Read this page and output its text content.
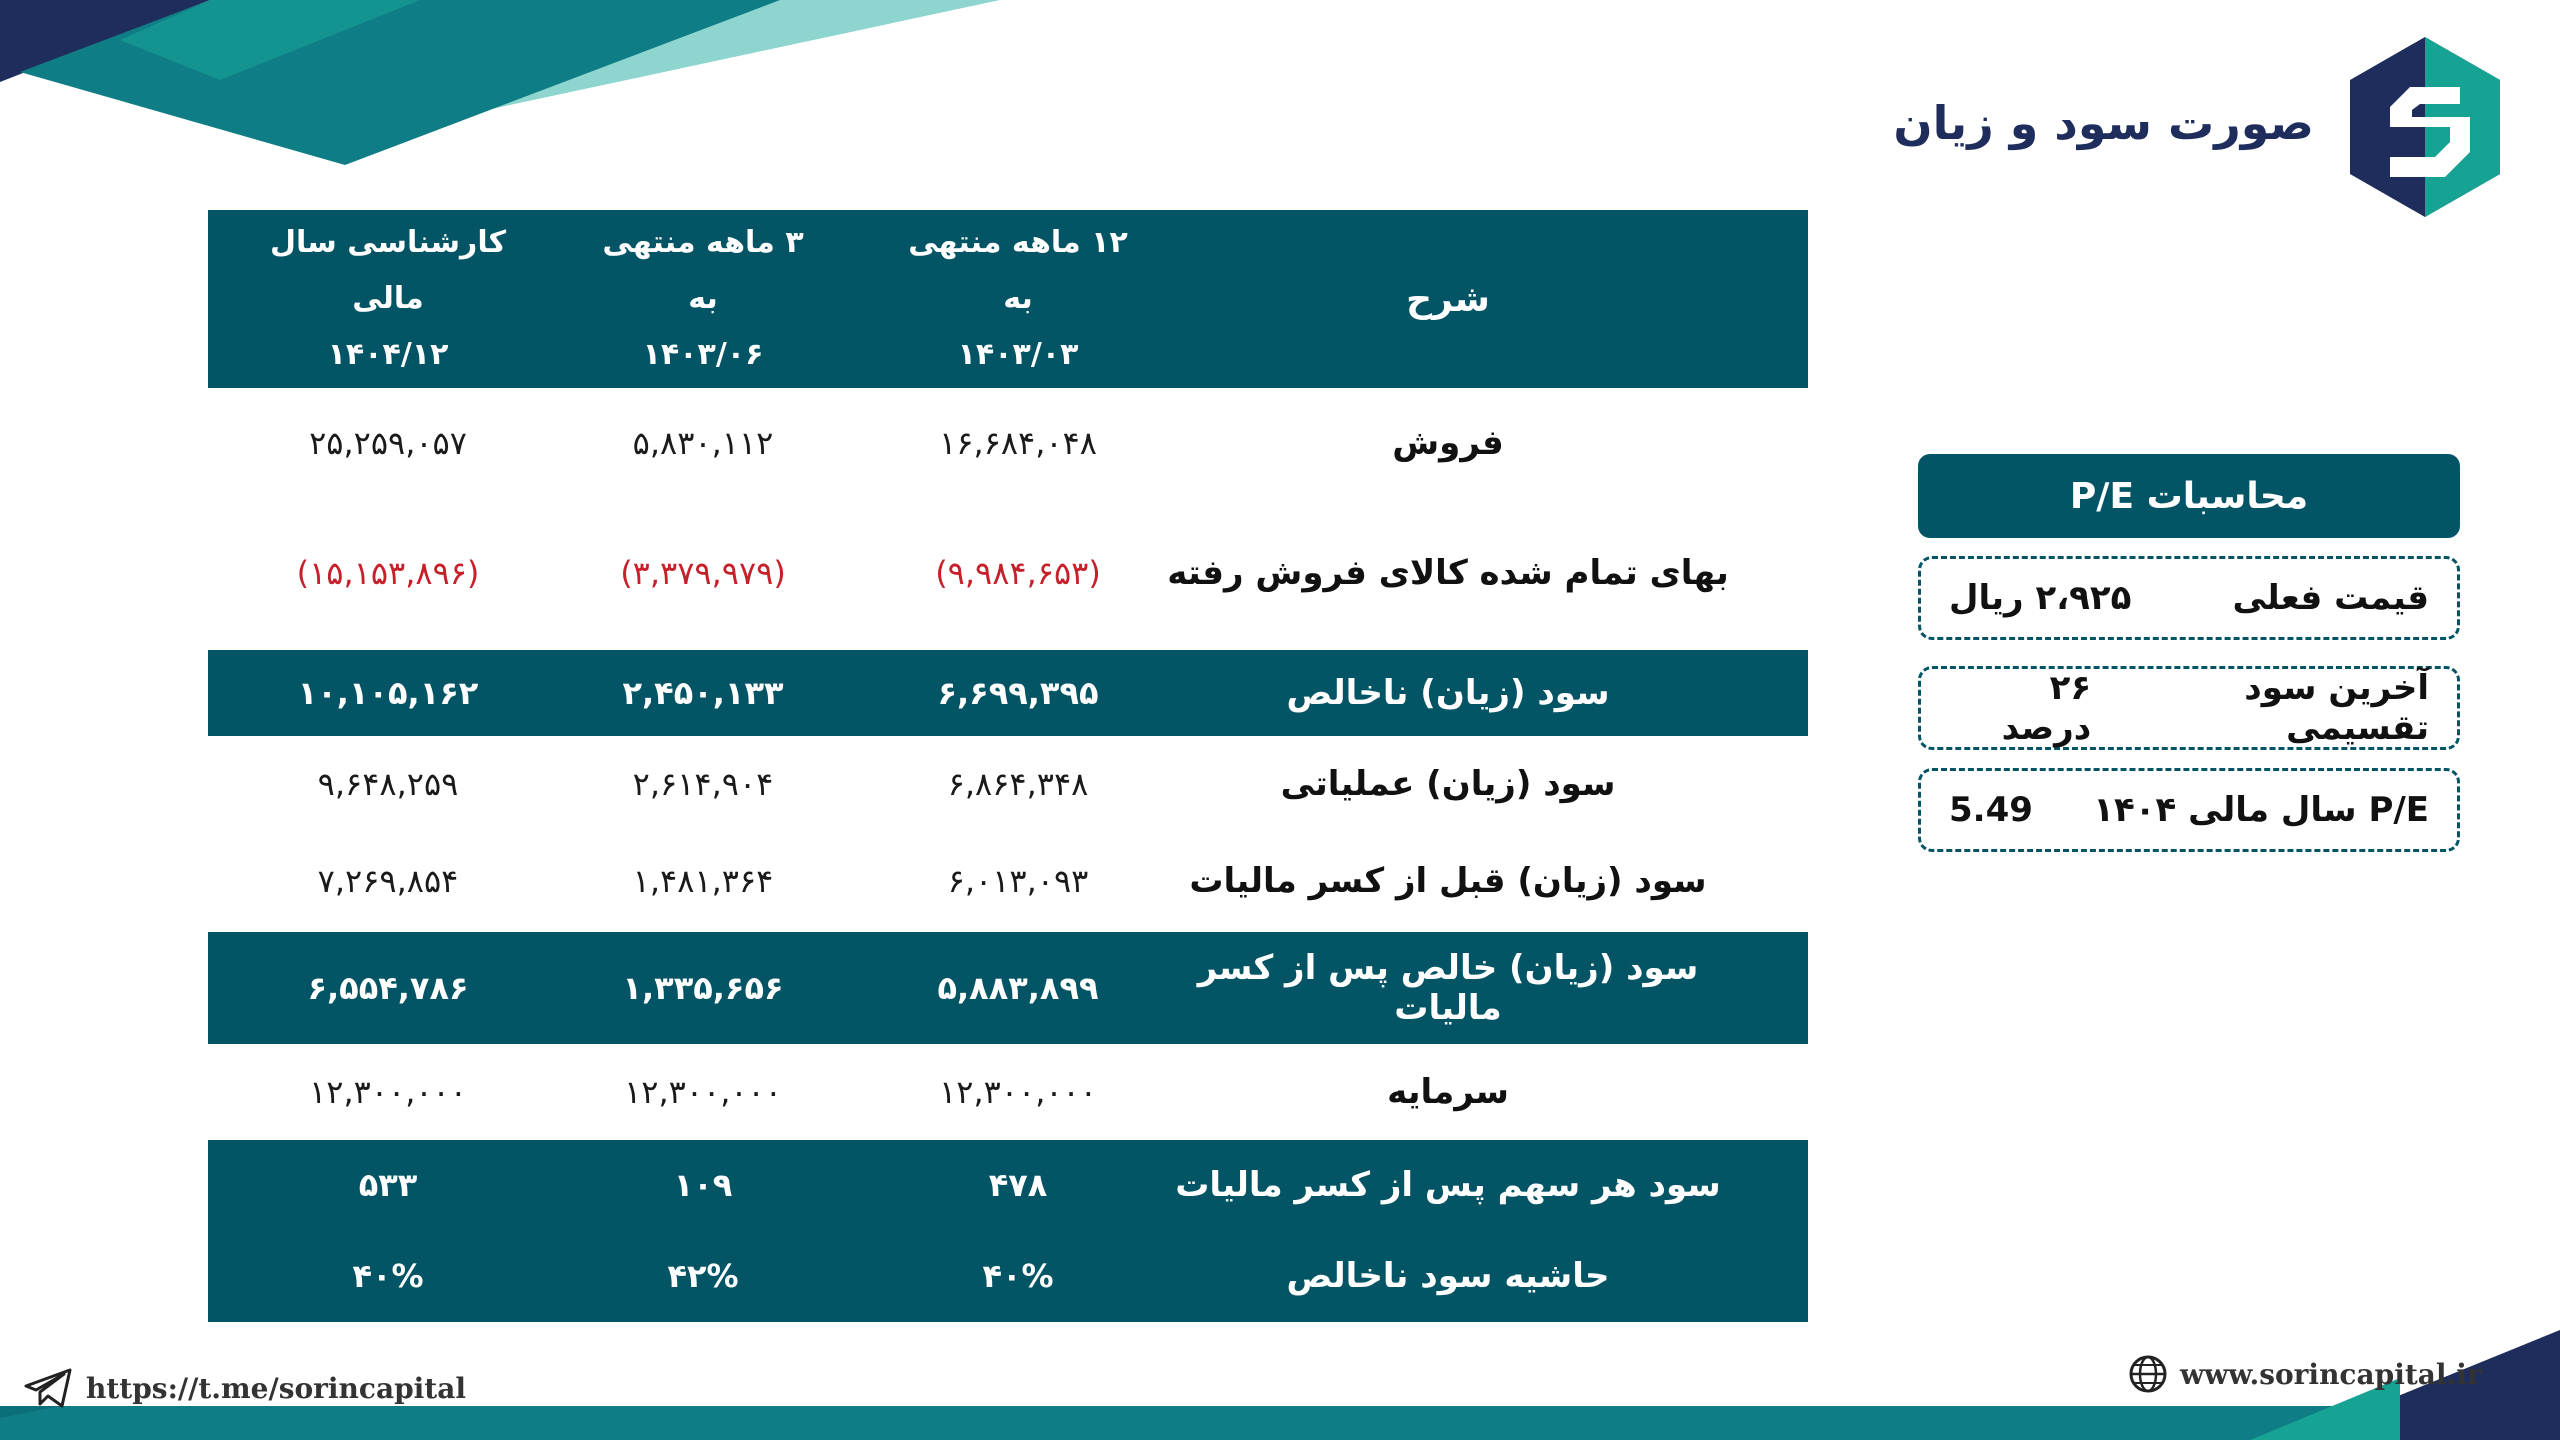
صورت سود و زیان
شرح
۱۲ ماهه منتهی به
۱۴۰۳/۰۳
۳ ماهه منتهی به
۱۴۰۳/۰۶
کارشناسی سال مالی
۱۴۰۴/۱۲
فروش
۱۶,۶۸۴,۰۴۸
۵,۸۳۰,۱۱۲
۲۵,۲۵۹,۰۵۷
بهای تمام شده کالای فروش رفته
(۹,۹۸۴,۶۵۳)
(۳,۳۷۹,۹۷۹)
(۱۵,۱۵۳,۸۹۶)
سود (زیان) ناخالص
۶,۶۹۹,۳۹۵
۲,۴۵۰,۱۳۳
۱۰,۱۰۵,۱۶۲
سود (زیان) عملیاتی
۶,۸۶۴,۳۴۸
۲,۶۱۴,۹۰۴
۹,۶۴۸,۲۵۹
سود (زیان) قبل از کسر مالیات
۶,۰۱۳,۰۹۳
۱,۴۸۱,۳۶۴
۷,۲۶۹,۸۵۴
سود (زیان) خالص پس از کسر مالیات
۵,۸۸۳,۸۹۹
۱,۳۳۵,۶۵۶
۶,۵۵۴,۷۸۶
سرمایه
۱۲,۳۰۰,۰۰۰
۱۲,۳۰۰,۰۰۰
۱۲,۳۰۰,۰۰۰
سود هر سهم پس از کسر مالیات
۴۷۸
۱۰۹
۵۳۳
حاشیه سود ناخالص
۴۰%
۴۲%
۴۰%
محاسبات P/E
قیمت فعلی
۲،۹۲۵ ریال
آخرین سود تقسیمی
۲۶ درصد
P/E سال مالی ۱۴۰۴
5.49
https://t.me/sorincapital	www.sorincapital.ir
